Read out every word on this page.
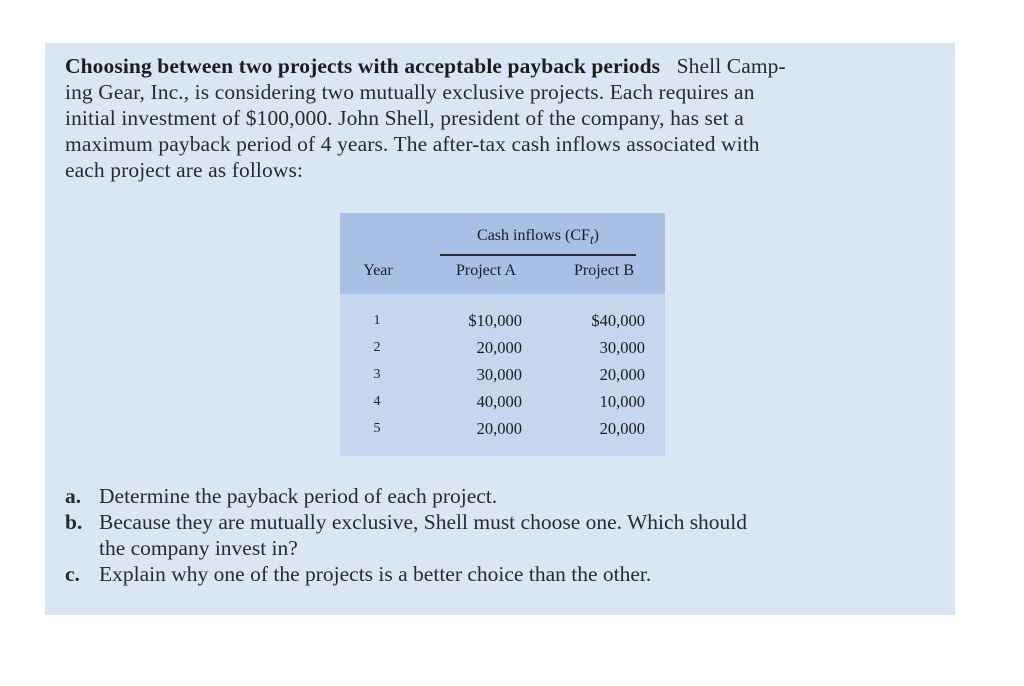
Choosing between two projects with acceptable payback periods Shell Camp-
ing Gear, Inc., is considering two mutually exclusive projects. Each requires an
initial investment of $100,000. John Shell, president of the company, has set a
maximum payback period of 4 years. The after-tax cash inflows associated with
each project are as follows:
Cash inflows $(CF_t)$
Year	Project A	Project B
1	$10,000	$40,000
2	20,000	30,000
3	30,000	20,000
4	40,000	10,000
5	20,000	20,000
a. Determine the payback period of each project.
b. Because they are mutually exclusive, Shell must choose one. Which should
the company invest in?
c. Explain why one of the projects is a better choice than the other.
